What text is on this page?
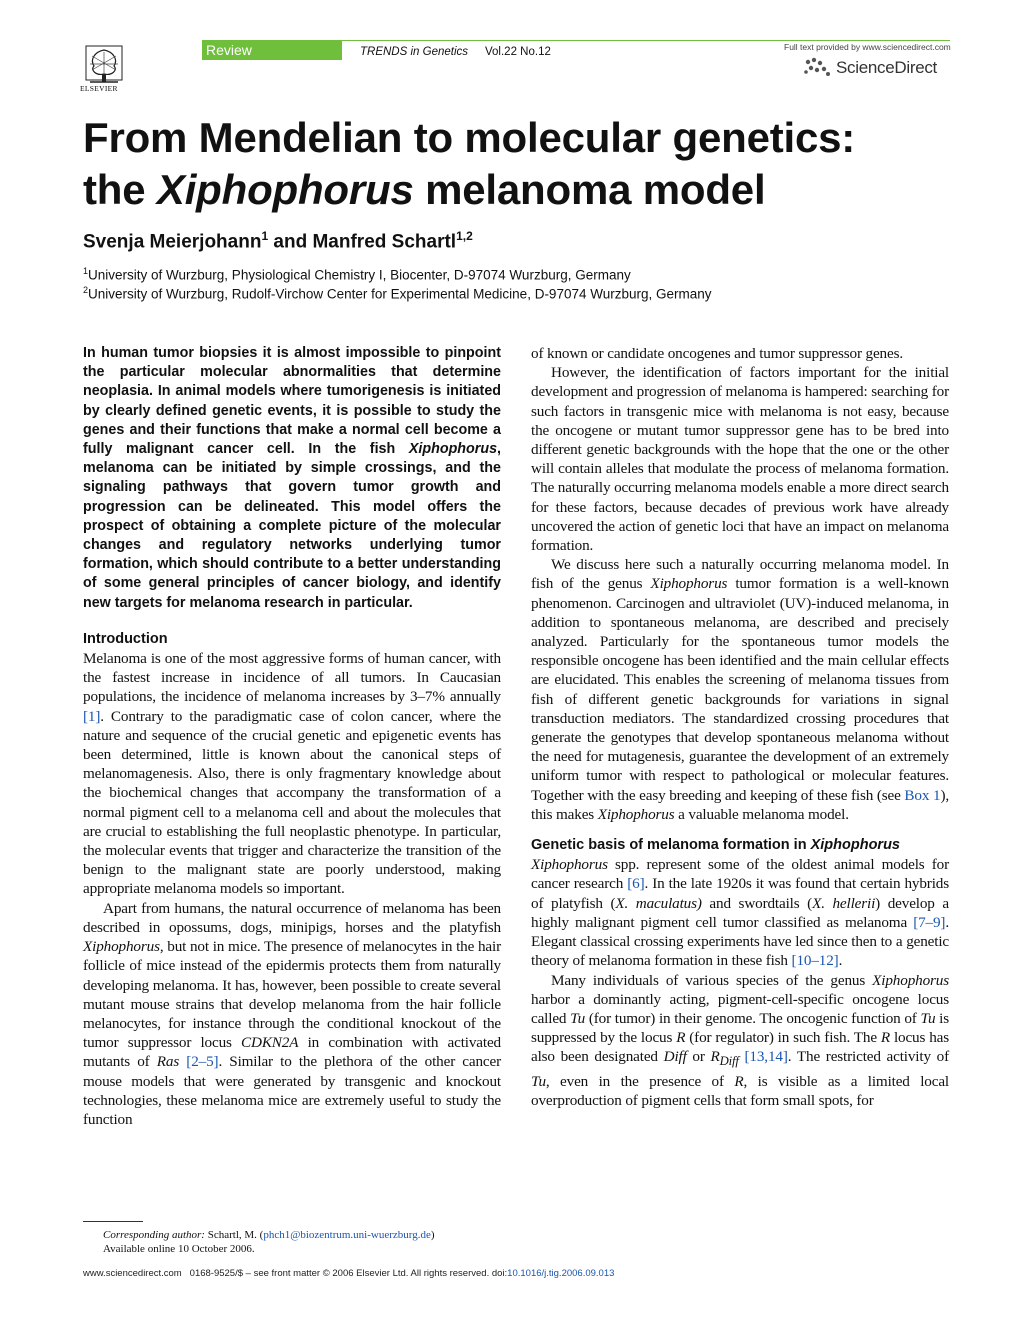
ELSEVIER
Review	TRENDS in Genetics Vol.22 No.12	Full text provided by www.sciencedirect.com
ScienceDirect
From Mendelian to molecular genetics:
the Xiphophorus melanoma model
Svenja Meierjohann$^1$ and Manfred Schartl$^{1,2}$
$^1$University of Wurzburg, Physiological Chemistry I, Biocenter, D-97074 Wurzburg, Germany
$^2$University of Wurzburg, Rudolf-Virchow Center for Experimental Medicine, D-97074 Wurzburg, Germany

In human tumor biopsies it is almost impossible to pinpoint the particular molecular abnormalities that determine neoplasia. In animal models where tumorigenesis is initiated by clearly defined genetic events, it is possible to study the genes and their functions that make a normal cell become a fully malignant cancer cell. In the fish Xiphophorus, melanoma can be initiated by simple crossings, and the signaling pathways that govern tumor growth and progression can be delineated. This model offers the prospect of obtaining a complete picture of the molecular changes and regulatory networks underlying tumor formation, which should contribute to a better understanding of some general principles of cancer biology, and identify new targets for melanoma research in particular.

Introduction

Melanoma is one of the most aggressive forms of human cancer, with the fastest increase in incidence of all tumors. In Caucasian populations, the incidence of melanoma increases by 3–7% annually [1]. Contrary to the paradigmatic case of colon cancer, where the nature and sequence of the crucial genetic and epigenetic events has been determined, little is known about the canonical steps of melanomagenesis. Also, there is only fragmentary knowledge about the biochemical changes that accompany the transformation of a normal pigment cell to a melanoma cell and about the molecules that are crucial to establishing the full neoplastic phenotype. In particular, the molecular events that trigger and characterize the transition of the benign to the malignant state are poorly understood, making appropriate melanoma models so important.

Apart from humans, the natural occurrence of melanoma has been described in opossums, dogs, minipigs, horses and the platyfish Xiphophorus, but not in mice. The presence of melanocytes in the hair follicle of mice instead of the epidermis protects them from naturally developing melanoma. It has, however, been possible to create several mutant mouse strains that develop melanoma from the hair follicle melanocytes, for instance through the conditional knockout of the tumor suppressor locus CDKN2A in combination with activated mutants of Ras [2–5]. Similar to the plethora of the other cancer mouse models that were generated by transgenic and knockout technologies, these melanoma mice are extremely useful to study the function

of known or candidate oncogenes and tumor suppressor genes.

However, the identification of factors important for the initial development and progression of melanoma is hampered: searching for such factors in transgenic mice with melanoma is not easy, because the oncogene or mutant tumor suppressor gene has to be bred into different genetic backgrounds with the hope that the one or the other will contain alleles that modulate the process of melanoma formation. The naturally occurring melanoma models enable a more direct search for these factors, because decades of previous work have already uncovered the action of genetic loci that have an impact on melanoma formation.

We discuss here such a naturally occurring melanoma model. In fish of the genus Xiphophorus tumor formation is a well-known phenomenon. Carcinogen and ultraviolet (UV)-induced melanoma, in addition to spontaneous melanoma, are described and precisely analyzed. Particularly for the spontaneous tumor models the responsible oncogene has been identified and the main cellular effects are elucidated. This enables the screening of melanoma tissues from fish of different genetic backgrounds for variations in signal transduction mediators. The standardized crossing procedures that generate the genotypes that develop spontaneous melanoma without the need for mutagenesis, guarantee the development of an extremely uniform tumor with respect to pathological or molecular features. Together with the easy breeding and keeping of these fish (see Box 1), this makes Xiphophorus a valuable melanoma model.

Genetic basis of melanoma formation in Xiphophorus

Xiphophorus spp. represent some of the oldest animal models for cancer research [6]. In the late 1920s it was found that certain hybrids of platyfish (X. maculatus) and swordtails (X. hellerii) develop a highly malignant pigment cell tumor classified as melanoma [7–9]. Elegant classical crossing experiments have led since then to a genetic theory of melanoma formation in these fish [10–12].

Many individuals of various species of the genus Xiphophorus harbor a dominantly acting, pigment-cell-specific oncogene locus called Tu (for tumor) in their genome. The oncogenic function of Tu is suppressed by the locus R (for regulator) in such fish. The R locus has also been designated Diff or $R_{Diff}$ [13,14]. The restricted activity of Tu, even in the presence of R, is visible as a limited local overproduction of pigment cells that form small spots, for

Corresponding author: Schartl, M. (phch1@biozentrum.uni-wuerzburg.de)
Available online 10 October 2006.
www.sciencedirect.com 0168-9525/$ – see front matter © 2006 Elsevier Ltd. All rights reserved. doi:10.1016/j.tig.2006.09.013
